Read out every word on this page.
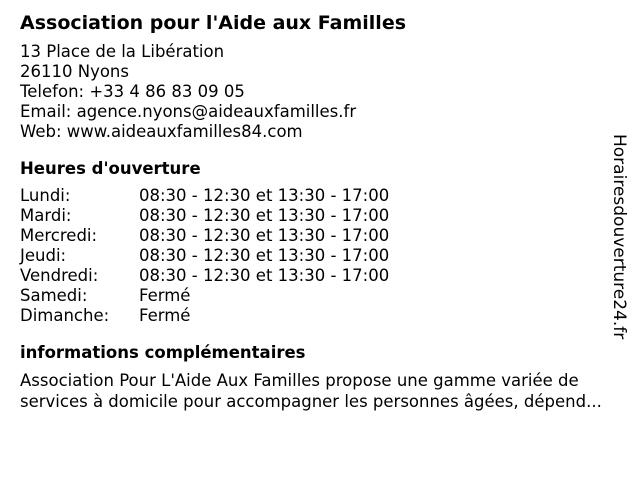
Association pour l'Aide aux Familles
13 Place de la Libération
26110 Nyons
Telefon: +33 4 86 83 09 05
Email: agence.nyons@aideauxfamilles.fr
Web: www.aideauxfamilles84.com
Heures d'ouverture
Lundi:	08:30 - 12:30 et 13:30 - 17:00
Mardi:	08:30 - 12:30 et 13:30 - 17:00
Mercredi:	08:30 - 12:30 et 13:30 - 17:00
Jeudi:	08:30 - 12:30 et 13:30 - 17:00
Vendredi:	08:30 - 12:30 et 13:30 - 17:00
Samedi:	Fermé
Dimanche:	Fermé
informations complémentaires
Association Pour L'Aide Aux Familles propose une gamme variée de
services à domicile pour accompagner les personnes âgées, dépend...
Horairesdouverture24.fr
